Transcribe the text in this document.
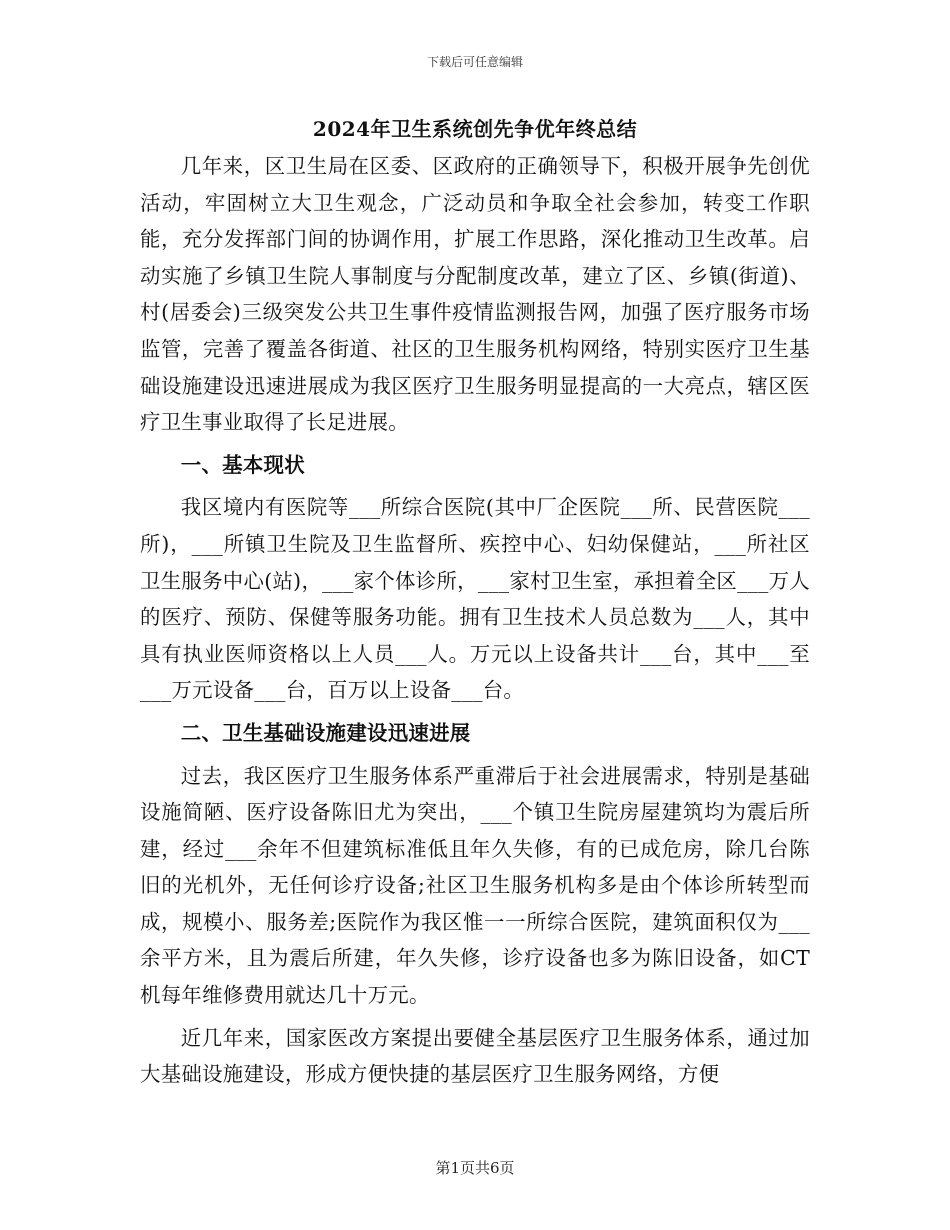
下载后可任意编辑
2024年卫生系统创先争优年终总结

几年来，区卫生局在区委、区政府的正确领导下，积极开展争先创优活动，牢固树立大卫生观念，广泛动员和争取全社会参加，转变工作职能，充分发挥部门间的协调作用，扩展工作思路，深化推动卫生改革。启动实施了乡镇卫生院人事制度与分配制度改革，建立了区、乡镇(街道)、村(居委会)三级突发公共卫生事件疫情监测报告网，加强了医疗服务市场监管，完善了覆盖各街道、社区的卫生服务机构网络，特别实医疗卫生基础设施建设迅速进展成为我区医疗卫生服务明显提高的一大亮点，辖区医疗卫生事业取得了长足进展。

一、基本现状

我区境内有医院等___所综合医院(其中厂企医院___所、民营医院___所)，___所镇卫生院及卫生监督所、疾控中心、妇幼保健站，___所社区卫生服务中心(站)，___家个体诊所，___家村卫生室，承担着全区___万人的医疗、预防、保健等服务功能。拥有卫生技术人员总数为___人，其中具有执业医师资格以上人员___人。万元以上设备共计___台，其中___至___万元设备___台，百万以上设备___台。

二、卫生基础设施建设迅速进展

过去，我区医疗卫生服务体系严重滞后于社会进展需求，特别是基础设施简陋、医疗设备陈旧尤为突出，___个镇卫生院房屋建筑均为震后所建，经过___余年不但建筑标准低且年久失修，有的已成危房，除几台陈旧的光机外，无任何诊疗设备;社区卫生服务机构多是由个体诊所转型而成，规模小、服务差;医院作为我区惟一一所综合医院，建筑面积仅为___余平方米，且为震后所建，年久失修，诊疗设备也多为陈旧设备，如CT机每年维修费用就达几十万元。

近几年来，国家医改方案提出要健全基层医疗卫生服务体系，通过加大基础设施建设，形成方便快捷的基层医疗卫生服务网络，方便

第1页共6页
